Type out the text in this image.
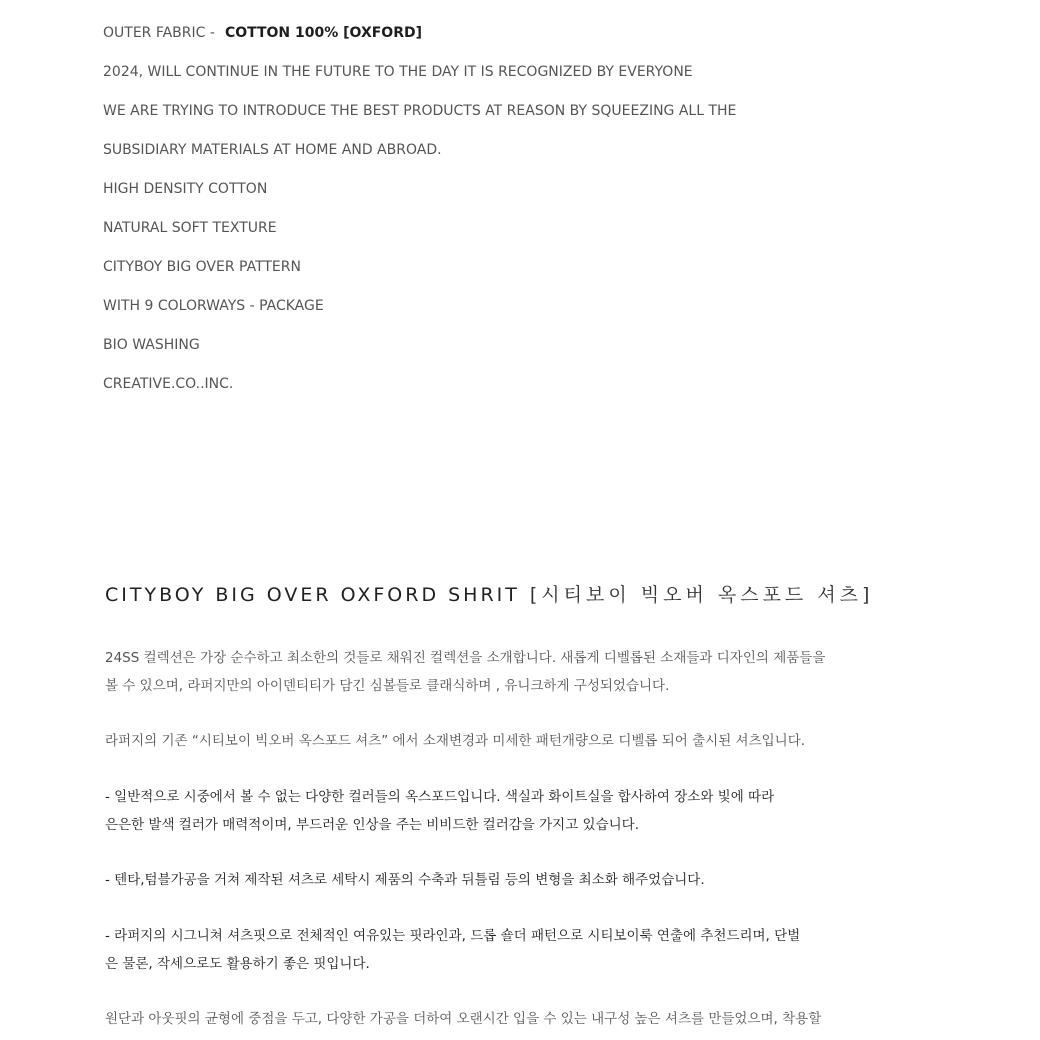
OUTER FABRIC - COTTON 100% [OXFORD]
2024, WILL CONTINUE IN THE FUTURE TO THE DAY IT IS RECOGNIZED BY EVERYONE
WE ARE TRYING TO INTRODUCE THE BEST PRODUCTS AT REASON BY SQUEEZING ALL THE
SUBSIDIARY MATERIALS AT HOME AND ABROAD.
HIGH DENSITY COTTON
NATURAL SOFT TEXTURE
CITYBOY BIG OVER PATTERN
WITH 9 COLORWAYS - PACKAGE
BIO WASHING
CREATIVE.CO..INC.
CITYBOY BIG OVER OXFORD SHRIT [시티보이 빅오버 옥스포드 셔츠]

24SS 컬렉션은 가장 순수하고 최소한의 것들로 채워진 컬렉션을 소개합니다. 새롭게 디벨롭된 소재들과 디자인의 제품들을

볼 수 있으며, 라퍼지만의 아이덴티티가 담긴 심볼들로 클래식하며 , 유니크하게 구성되었습니다.

라퍼지의 기존 “시티보이 빅오버 옥스포드 셔츠” 에서 소재변경과 미세한 패턴개량으로 디벨롭 되어 출시된 셔츠입니다.

- 일반적으로 시중에서 볼 수 없는 다양한 컬러들의 옥스포드입니다. 색실과 화이트실을 합사하여 장소와 빛에 따라

은은한 발색 컬러가 매력적이며, 부드러운 인상을 주는 비비드한 컬러감을 가지고 있습니다.

- 텐타,텀블가공을 거쳐 제작된 셔츠로 세탁시 제품의 수축과 뒤틀림 등의 변형을 최소화 해주었습니다.

- 라퍼지의 시그니쳐 셔츠핏으로 전체적인 여유있는 핏라인과, 드롭 숄더 패턴으로 시티보이룩 연출에 추천드리며, 단벌

은 물론, 작세으로도 활용하기 좋은 핏입니다.

원단과 아웃핏의 균형에 중점을 두고, 다양한 가공을 더하여 오랜시간 입을 수 있는 내구성 높은 셔츠를 만들었으며, 착용할
